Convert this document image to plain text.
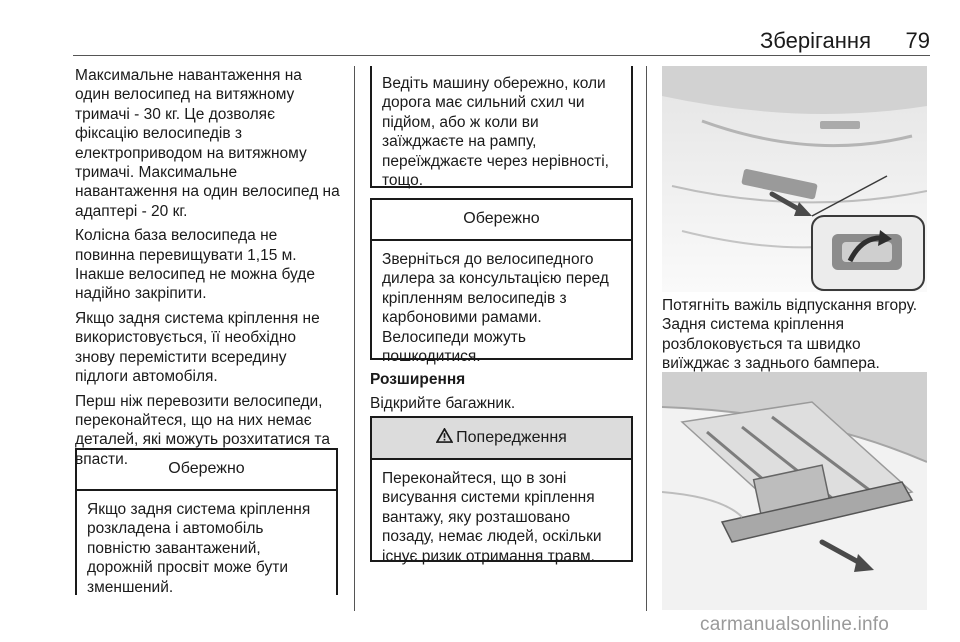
Зберігання	79

Максимальне навантаження на один велосипед на витяжному тримачі - 30 кг. Це дозволяє фіксацію велосипедів з електроприводом на витяжному тримачі. Максимальне навантаження на один велосипед на адаптері - 20 кг.

Колісна база велосипеда не повинна перевищувати 1,15 м. Інакше велосипед не можна буде надійно закріпити.

Якщо задня система кріплення не використовується, її необхідно знову перемістити всередину підлоги автомобіля.

Перш ніж перевозити велосипеди, переконайтеся, що на них немає деталей, які можуть розхитатися та впасти.

Обережно
Якщо задня система кріплення розкладена і автомобіль повністю завантажений, дорожній просвіт може бути зменшений.
Ведіть машину обережно, коли дорога має сильний схил чи підйом, або ж коли ви заїжджаєте на рампу, переїжджаєте через нерівності, тощо.
Обережно
Зверніться до велосипедного дилера за консультацією перед кріпленням велосипедів з карбоновими рамами. Велосипеди можуть пошкодитися.

Розширення

Відкрийте багажник.

Попередження
Переконайтеся, що в зоні висування системи кріплення вантажу, яку розташовано позаду, немає людей, оскільки існує ризик отримання травм.
Потягніть важіль відпускання вгору. Задня система кріплення розблоковується та швидко виїжджає з заднього бампера.
carmanualsonline.info
